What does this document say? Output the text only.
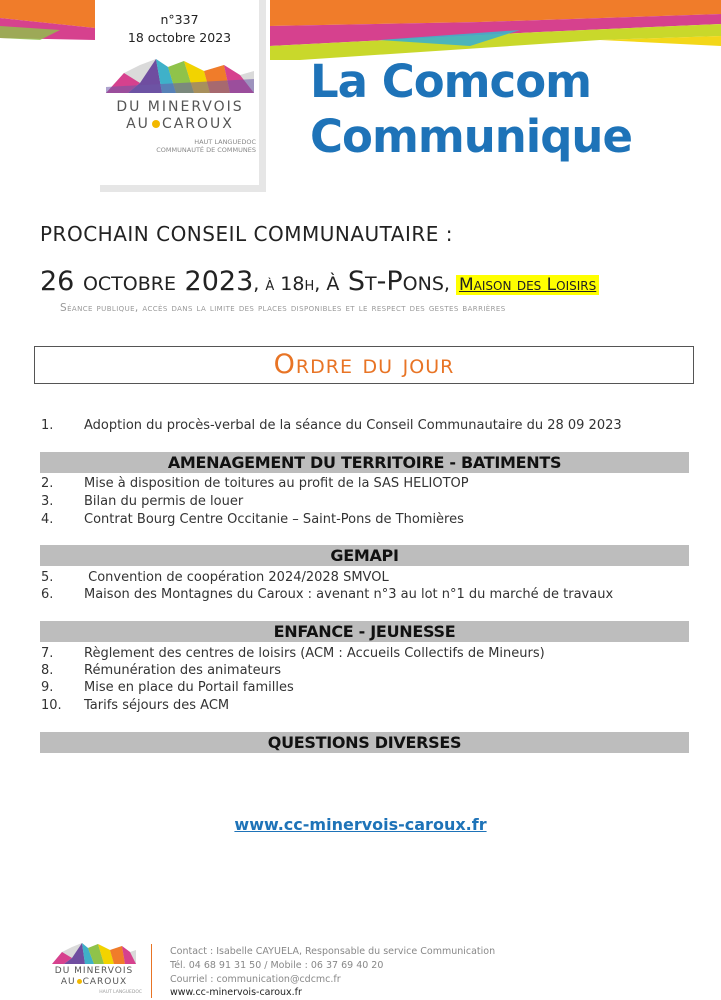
n°337
18 octobre 2023
DU MINERVOIS
AU CAROUX
HAUT LANGUEDOC
COMMUNAUTÉ DE COMMUNES
La Comcom
Communique
PROCHAIN CONSEIL COMMUNAUTAIRE :
26 octobre 2023, à 18h, à St-Pons, Maison des Loisirs
Séance publique, accès dans la limite des places disponibles et le respect des gestes barrières
Ordre du jour
1. Adoption du procès-verbal de la séance du Conseil Communautaire du 28 09 2023
AMENAGEMENT DU TERRITOIRE - BATIMENTS
2. Mise à disposition de toitures au profit de la SAS HELIOTOP
3. Bilan du permis de louer
4. Contrat Bourg Centre Occitanie – Saint-Pons de Thomières
GEMAPI
5. Convention de coopération 2024/2028 SMVOL
6. Maison des Montagnes du Caroux : avenant n°3 au lot n°1 du marché de travaux
ENFANCE - JEUNESSE
7. Règlement des centres de loisirs (ACM : Accueils Collectifs de Mineurs)
8. Rémunération des animateurs
9. Mise en place du Portail familles
10. Tarifs séjours des ACM
QUESTIONS DIVERSES
www.cc-minervois-caroux.fr
DU MINERVOIS
AU CAROUX
HAUT LANGUEDOC
Contact : Isabelle CAYUELA, Responsable du service Communication
Tél. 04 68 91 31 50 / Mobile : 06 37 69 40 20
Courriel : communication@cdcmc.fr
www.cc-minervois-caroux.fr
